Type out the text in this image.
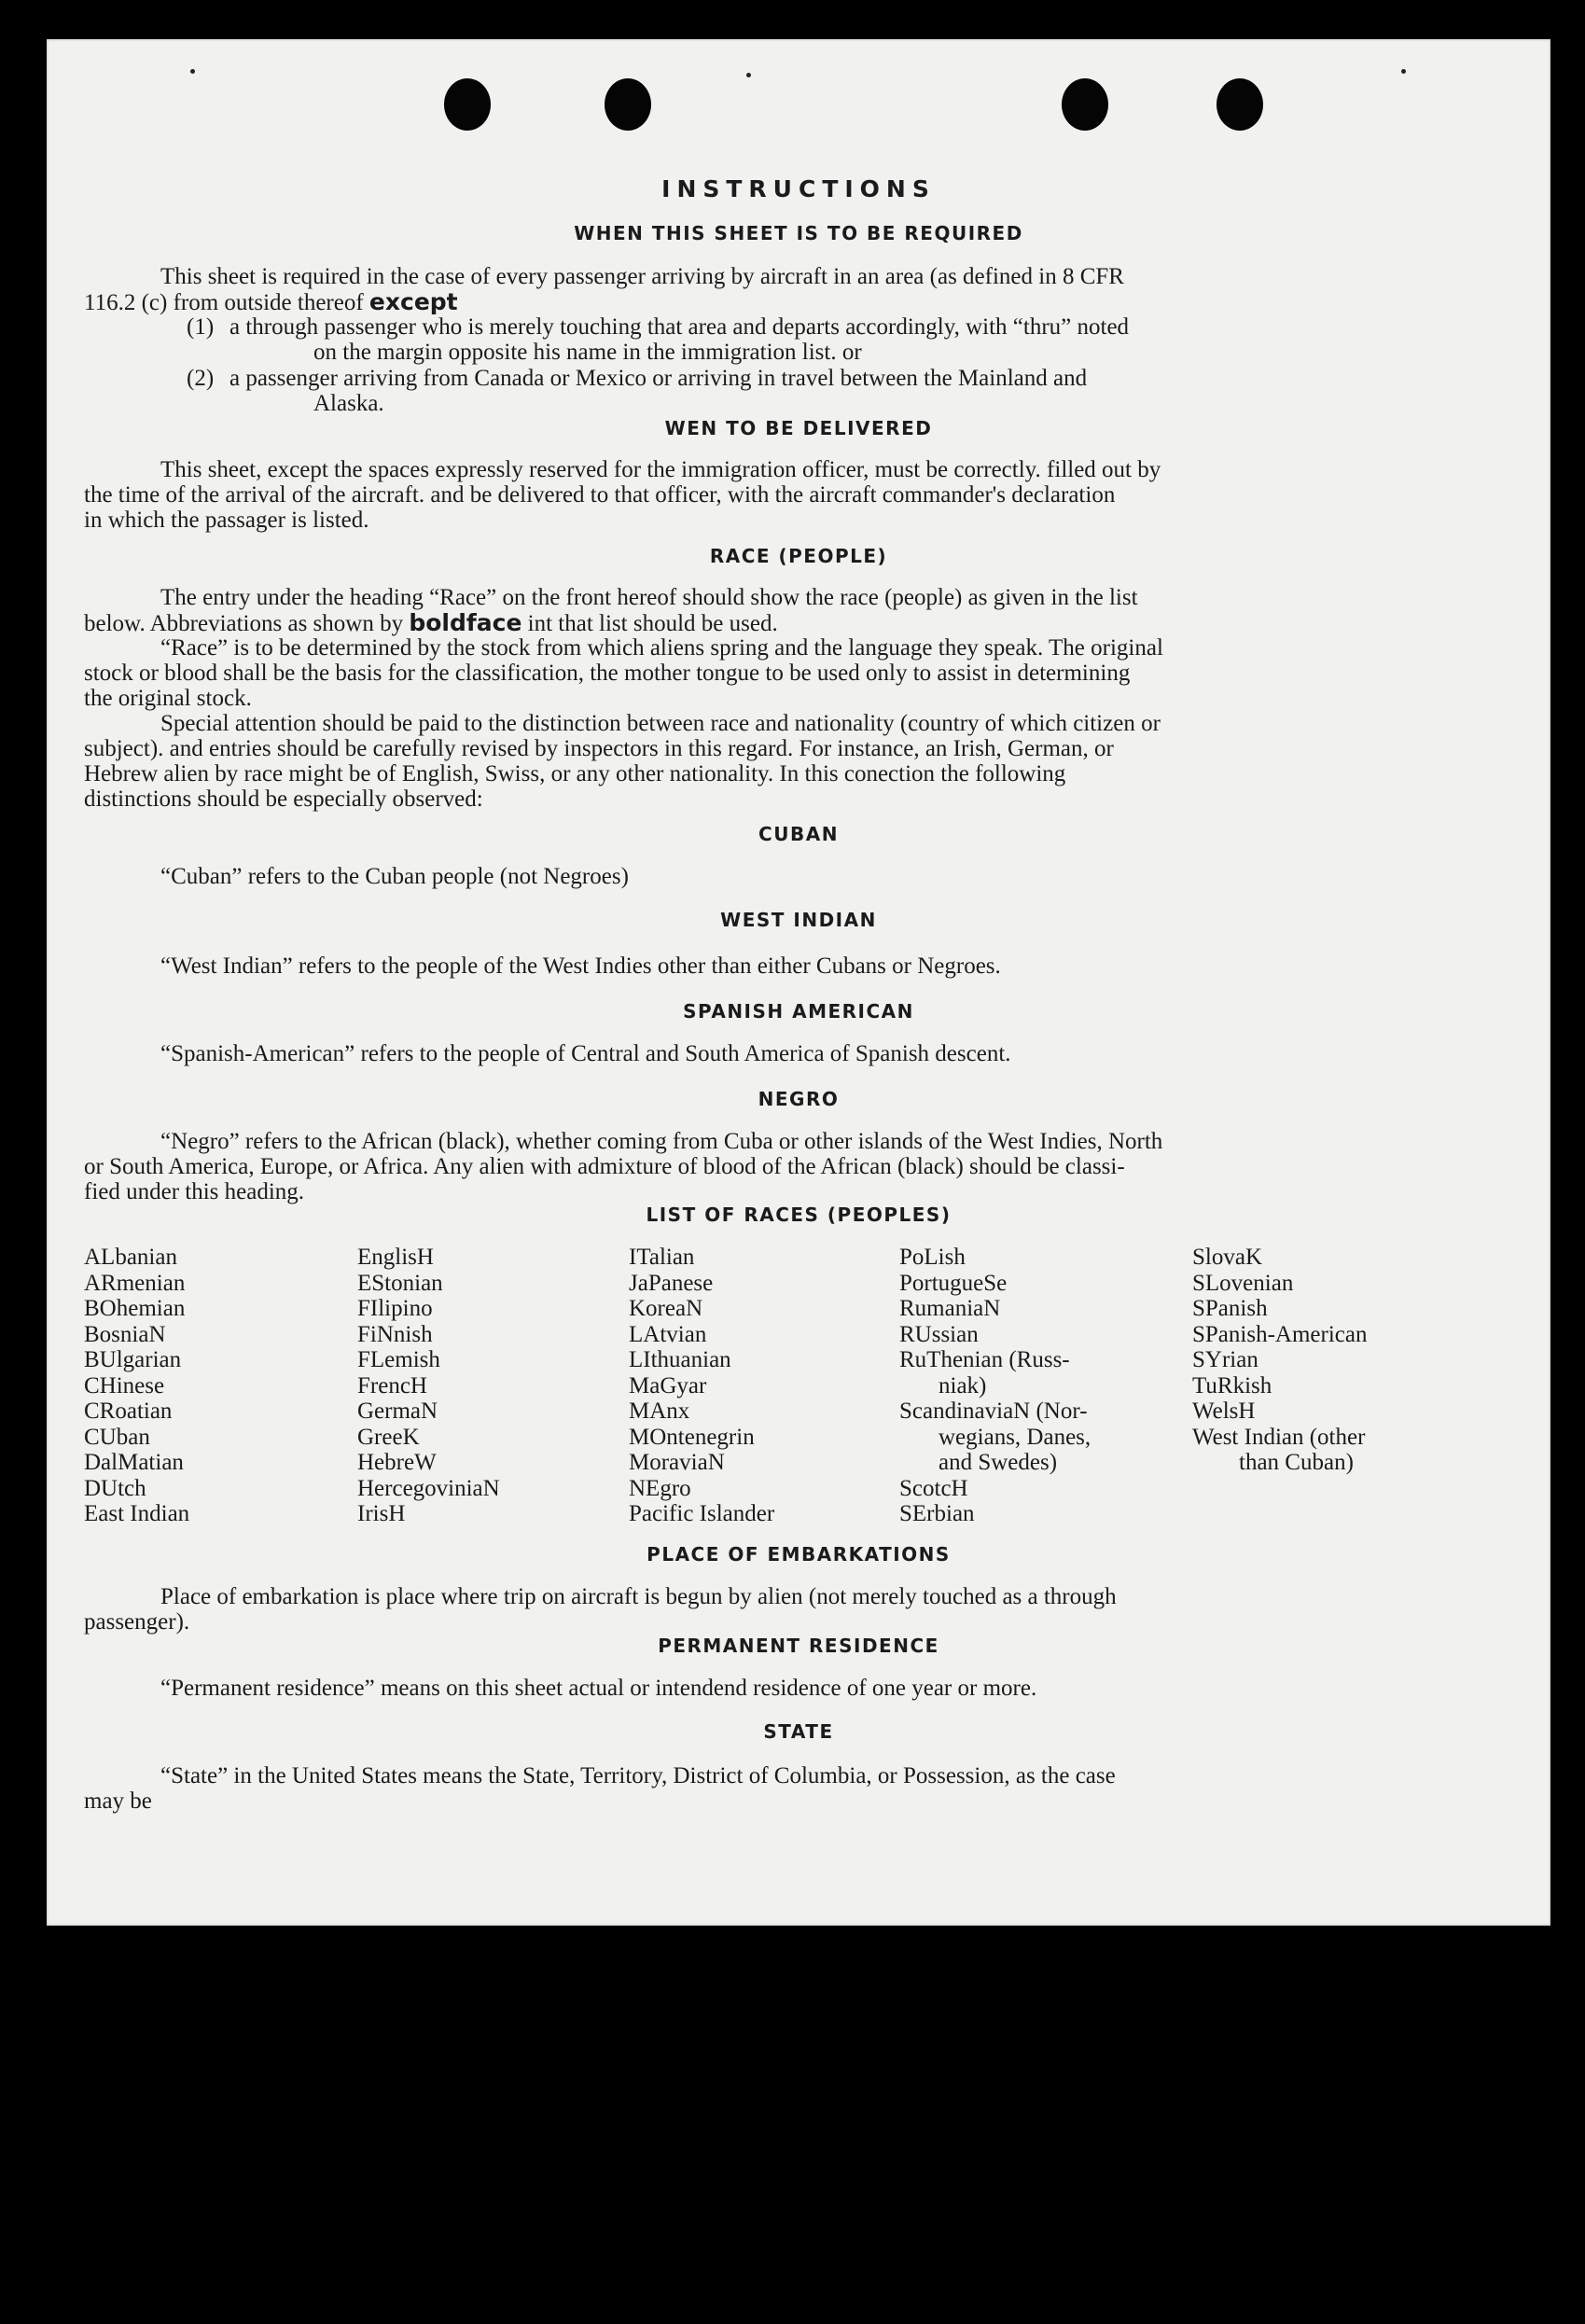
INSTRUCTIONS
WHEN THIS SHEET IS TO BE REQUIRED
This sheet is required in the case of every passenger arriving by aircraft in an area (as defined in 8 CFR
116.2 (c) from outside thereof except
(1) a through passenger who is merely touching that area and departs accordingly, with “thru” noted
on the margin opposite his name in the immigration list. or
(2) a passenger arriving from Canada or Mexico or arriving in travel between the Mainland and
Alaska.
WEN TO BE DELIVERED
This sheet, except the spaces expressly reserved for the immigration officer, must be correctly. filled out by
the time of the arrival of the aircraft. and be delivered to that officer, with the aircraft commander's declaration
in which the passager is listed.
RACE (PEOPLE)
The entry under the heading “Race” on the front hereof should show the race (people) as given in the list
below. Abbreviations as shown by boldface int that list should be used.
“Race” is to be determined by the stock from which aliens spring and the language they speak. The original
stock or blood shall be the basis for the classification, the mother tongue to be used only to assist in determining
the original stock.
Special attention should be paid to the distinction between race and nationality (country of which citizen or
subject). and entries should be carefully revised by inspectors in this regard. For instance, an Irish, German, or
Hebrew alien by race might be of English, Swiss, or any other nationality. In this conection the following
distinctions should be especially observed:
CUBAN
“Cuban” refers to the Cuban people (not Negroes)
WEST INDIAN
“West Indian” refers to the people of the West Indies other than either Cubans or Negroes.
SPANISH AMERICAN
“Spanish-American” refers to the people of Central and South America of Spanish descent.
NEGRO
“Negro” refers to the African (black), whether coming from Cuba or other islands of the West Indies, North
or South America, Europe, or Africa. Any alien with admixture of blood of the African (black) should be classi-
fied under this heading.
LIST OF RACES (PEOPLES)
ALbanian
ARmenian
BOhemian
BosniaN
BUlgarian
CHinese
CRoatian
CUban
DalMatian
DUtch
East Indian
EnglisH
EStonian
FIlipino
FiNnish
FLemish
FrencH
GermaN
GreeK
HebreW
HercegoviniaN
IrisH
ITalian
JaPanese
KoreaN
LAtvian
LIthuanian
MaGyar
MAnx
MOntenegrin
MoraviaN
NEgro
Pacific Islander
PoLish
PortugueSe
RumaniaN
RUssian
RuThenian (Russ-
niak)
ScandinaviaN (Nor-
wegians, Danes,
and Swedes)
ScotcH
SErbian
SlovaK
SLovenian
SPanish
SPanish-American
SYrian
TuRkish
WelsH
West Indian (other
than Cuban)
PLACE OF EMBARKATIONS
Place of embarkation is place where trip on aircraft is begun by alien (not merely touched as a through
passenger).
PERMANENT RESIDENCE
“Permanent residence” means on this sheet actual or intendend residence of one year or more.
STATE
“State” in the United States means the State, Territory, District of Columbia, or Possession, as the case
may be
